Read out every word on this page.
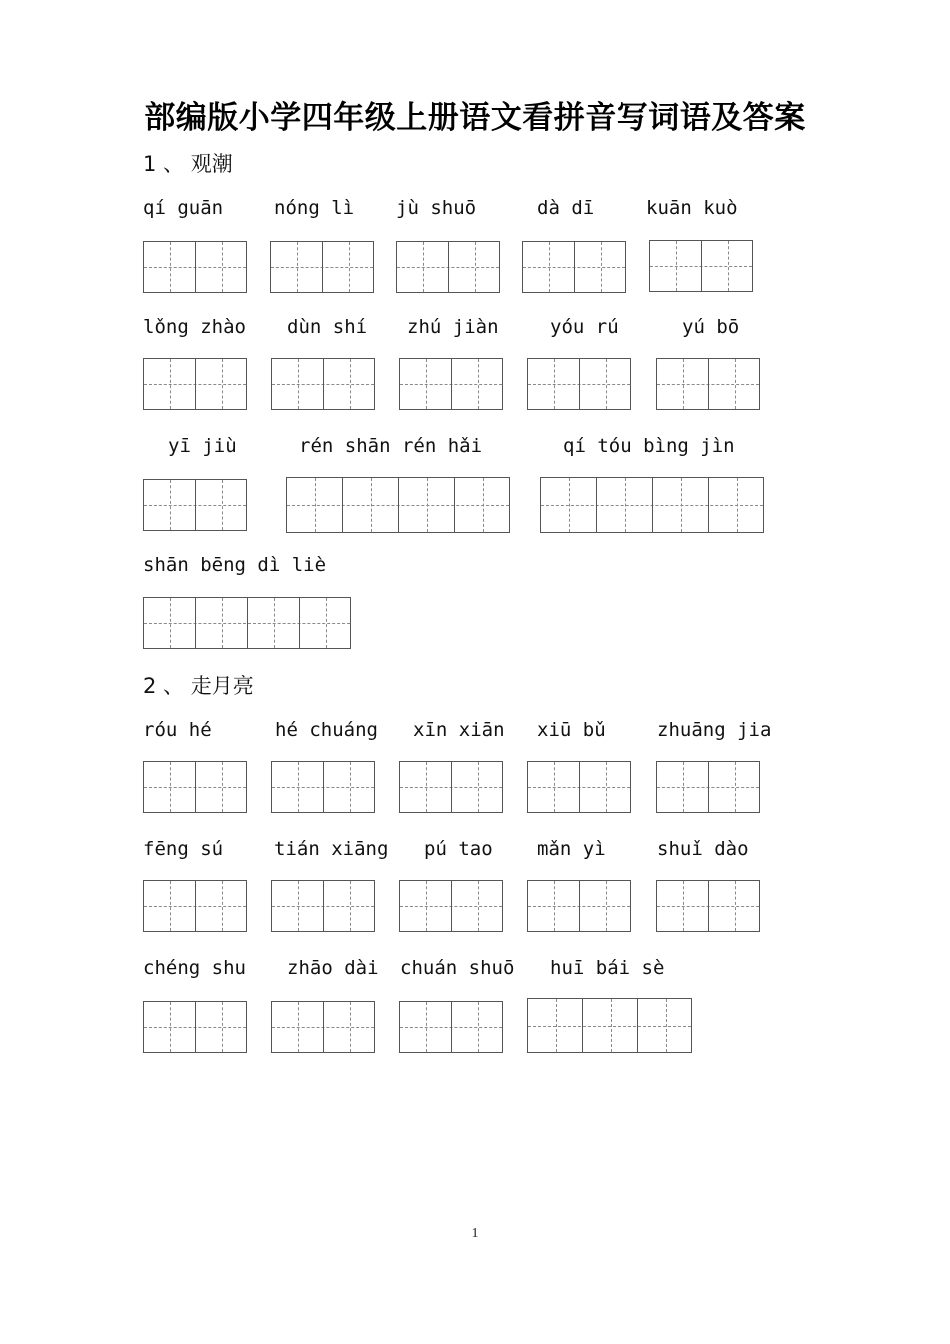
部编版小学四年级上册语文看拼音写词语及答案
1 、 观潮
qí guān	nóng lì jù shuō	dà dī	kuān kuò
lǒng zhào dùn shí zhú jiàn	yóu rú	yú bō
yī jiù	rén shān rén hǎi	qí tóu bìng jìn
shān bēng dì liè
2 、 走月亮
róu hé	hé chuáng xīn xiān xiū bǔ	zhuāng jia
fēng sú	tián xiāng pú tao mǎn yì	shuǐ dào
chéng shu zhāo dài chuán shuō huī bái sè
1
